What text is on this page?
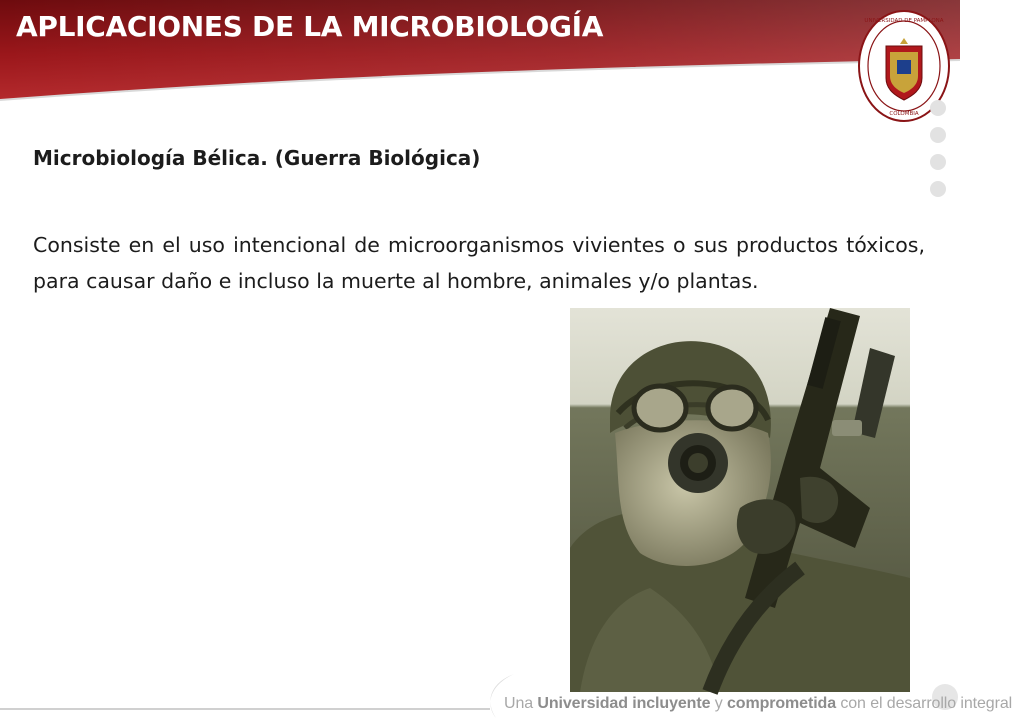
APLICACIONES DE LA MICROBIOLOGÍA	UNIVERSIDAD DE PAMPLONA
COLOMBIA
Microbiología Bélica. (Guerra Biológica)
Consiste en el uso intencional de microorganismos vivientes o sus productos tóxicos, para causar daño e incluso la muerte al hombre, animales y/o plantas.
Una Universidad incluyente y comprometida con el desarrollo integral
